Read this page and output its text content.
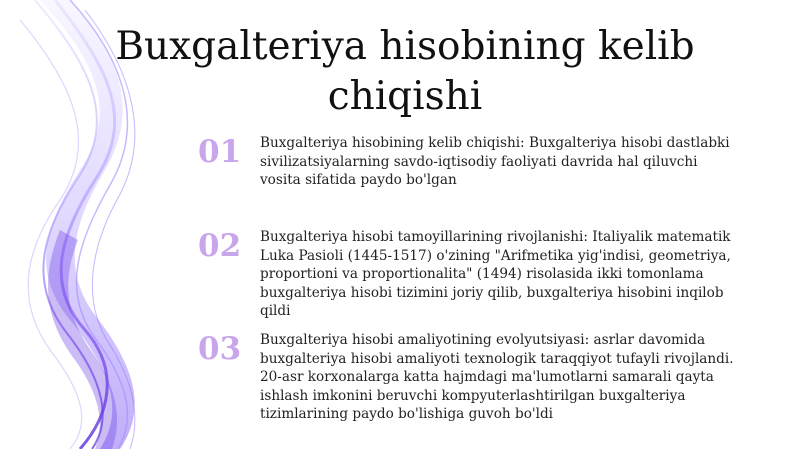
Buxgalteriya hisobining kelib chiqishi
01 Buxgalteriya hisobining kelib chiqishi: Buxgalteriya hisobi dastlabki sivilizatsiyalarning savdo-iqtisodiy faoliyati davrida hal qiluvchi vosita sifatida paydo bo'lgan

02 Buxgalteriya hisobi tamoyillarining rivojlanishi: Italiyalik matematik Luka Pasioli (1445-1517) o'zining "Arifmetika yig'indisi, geometriya, proportioni va proportionalita" (1494) risolasida ikki tomonlama buxgalteriya hisobi tizimini joriy qilib, buxgalteriya hisobini inqilob qildi

03 Buxgalteriya hisobi amaliyotining evolyutsiyasi: asrlar davomida buxgalteriya hisobi amaliyoti texnologik taraqqiyot tufayli rivojlandi. 20-asr korxonalarga katta hajmdagi ma'lumotlarni samarali qayta ishlash imkonini beruvchi kompyuterlashtirilgan buxgalteriya tizimlarining paydo bo'lishiga guvoh bo'ldi
